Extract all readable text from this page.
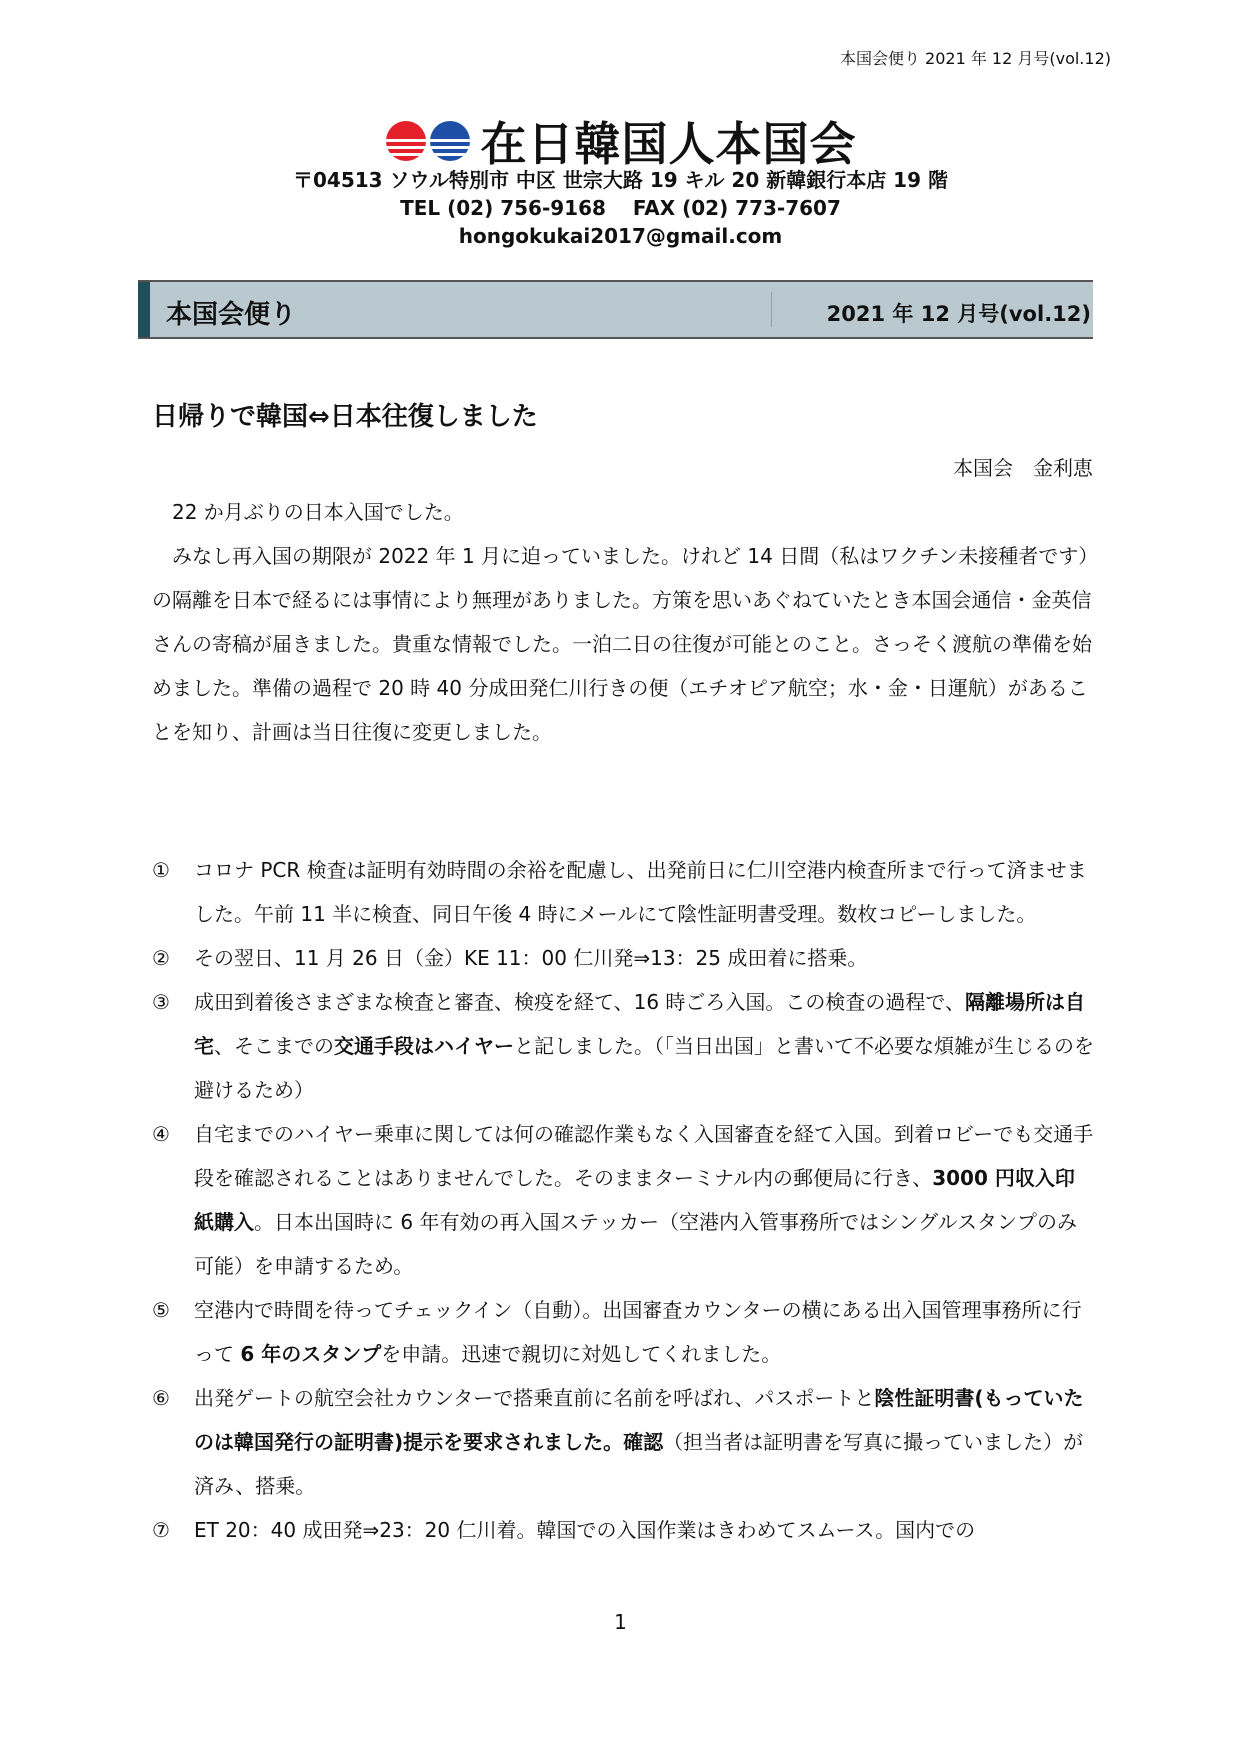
本国会便り 2021 年 12 月号(vol.12)
在日韓国人本国会
〒04513 ソウル特別市 中区 世宗大路 19 キル 20 新韓銀行本店 19 階
TEL (02) 756-9168　 FAX (02) 773-7607
hongokukai2017@gmail.com
本国会便り	2021 年 12 月号(vol.12)
日帰りで韓国⇔日本往復しました
本国会　金利恵
22 か月ぶりの日本入国でした。
みなし再入国の期限が 2022 年 1 月に迫っていました。けれど 14 日間（私はワクチン未接種者です）の隔離を日本で経るには事情により無理がありました。方策を思いあぐねていたとき本国会通信・金英信さんの寄稿が届きました。貴重な情報でした。一泊二日の往復が可能とのこと。さっそく渡航の準備を始めました。準備の過程で 20 時 40 分成田発仁川行きの便（エチオピア航空；水・金・日運航）があることを知り、計画は当日往復に変更しました。
① コロナ PCR 検査は証明有効時間の余裕を配慮し、出発前日に仁川空港内検査所まで行って済ませました。午前 11 半に検査、同日午後 4 時にメールにて陰性証明書受理。数枚コピーしました。
② その翌日、11 月 26 日（金）KE 11：00 仁川発⇒13：25 成田着に搭乗。
③ 成田到着後さまざまな検査と審査、検疫を経て、16 時ごろ入国。この検査の過程で、隔離場所は自宅、そこまでの交通手段はハイヤーと記しました。（「当日出国」と書いて不必要な煩雑が生じるのを避けるため）
④ 自宅までのハイヤー乗車に関しては何の確認作業もなく入国審査を経て入国。到着ロビーでも交通手段を確認されることはありませんでした。そのままターミナル内の郵便局に行き、3000 円収入印紙購入。日本出国時に 6 年有効の再入国ステッカー（空港内入管事務所ではシングルスタンプのみ可能）を申請するため。
⑤ 空港内で時間を待ってチェックイン（自動）。出国審査カウンターの横にある出入国管理事務所に行って 6 年のスタンプを申請。迅速で親切に対処してくれました。
⑥ 出発ゲートの航空会社カウンターで搭乗直前に名前を呼ばれ、パスポートと陰性証明書(もっていたのは韓国発行の証明書)提示を要求されました。確認（担当者は証明書を写真に撮っていました）が済み、搭乗。
⑦ ET 20：40 成田発⇒23：20 仁川着。韓国での入国作業はきわめてスムース。国内での
1
